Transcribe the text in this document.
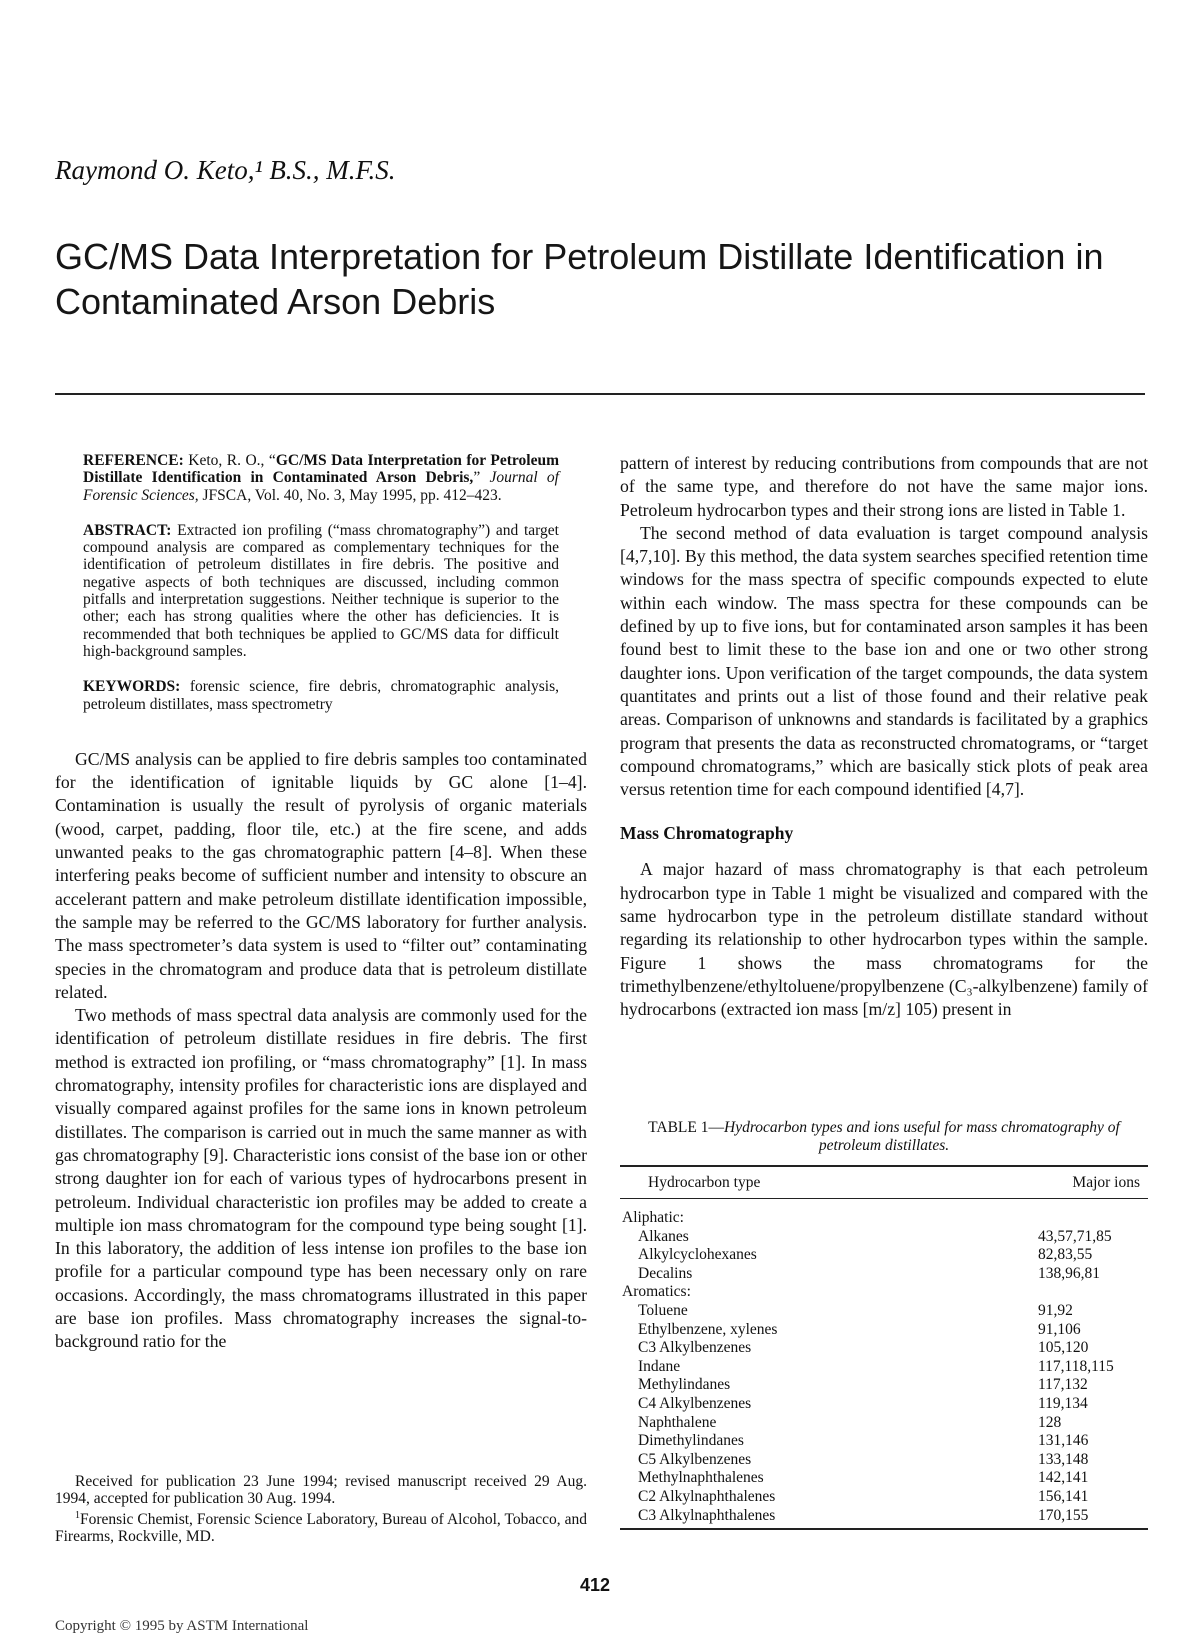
Raymond O. Keto,¹ B.S., M.F.S.
GC/MS Data Interpretation for Petroleum Distillate Identification in Contaminated Arson Debris

REFERENCE: Keto, R. O., “GC/MS Data Interpretation for Petroleum Distillate Identification in Contaminated Arson Debris,” Journal of Forensic Sciences, JFSCA, Vol. 40, No. 3, May 1995, pp. 412–423.

ABSTRACT: Extracted ion profiling (“mass chromatography”) and target compound analysis are compared as complementary techniques for the identification of petroleum distillates in fire debris. The positive and negative aspects of both techniques are discussed, including common pitfalls and interpretation suggestions. Neither technique is superior to the other; each has strong qualities where the other has deficiencies. It is recommended that both techniques be applied to GC/MS data for difficult high-background samples.

KEYWORDS: forensic science, fire debris, chromatographic analysis, petroleum distillates, mass spectrometry

GC/MS analysis can be applied to fire debris samples too contaminated for the identification of ignitable liquids by GC alone [1–4]. Contamination is usually the result of pyrolysis of organic materials (wood, carpet, padding, floor tile, etc.) at the fire scene, and adds unwanted peaks to the gas chromatographic pattern [4–8]. When these interfering peaks become of sufficient number and intensity to obscure an accelerant pattern and make petroleum distillate identification impossible, the sample may be referred to the GC/MS laboratory for further analysis. The mass spectrometer’s data system is used to “filter out” contaminating species in the chromatogram and produce data that is petroleum distillate related.

Two methods of mass spectral data analysis are commonly used for the identification of petroleum distillate residues in fire debris. The first method is extracted ion profiling, or “mass chromatography” [1]. In mass chromatography, intensity profiles for characteristic ions are displayed and visually compared against profiles for the same ions in known petroleum distillates. The comparison is carried out in much the same manner as with gas chromatography [9]. Characteristic ions consist of the base ion or other strong daughter ion for each of various types of hydrocarbons present in petroleum. Individual characteristic ion profiles may be added to create a multiple ion mass chromatogram for the compound type being sought [1]. In this laboratory, the addition of less intense ion profiles to the base ion profile for a particular compound type has been necessary only on rare occasions. Accordingly, the mass chromatograms illustrated in this paper are base ion profiles. Mass chromatography increases the signal-to-background ratio for the

Received for publication 23 June 1994; revised manuscript received 29 Aug. 1994, accepted for publication 30 Aug. 1994.

$^1$Forensic Chemist, Forensic Science Laboratory, Bureau of Alcohol, Tobacco, and Firearms, Rockville, MD.

pattern of interest by reducing contributions from compounds that are not of the same type, and therefore do not have the same major ions. Petroleum hydrocarbon types and their strong ions are listed in Table 1.

The second method of data evaluation is target compound analysis [4,7,10]. By this method, the data system searches specified retention time windows for the mass spectra of specific compounds expected to elute within each window. The mass spectra for these compounds can be defined by up to five ions, but for contaminated arson samples it has been found best to limit these to the base ion and one or two other strong daughter ions. Upon verification of the target compounds, the data system quantitates and prints out a list of those found and their relative peak areas. Comparison of unknowns and standards is facilitated by a graphics program that presents the data as reconstructed chromatograms, or “target compound chromatograms,” which are basically stick plots of peak area versus retention time for each compound identified [4,7].

Mass Chromatography

A major hazard of mass chromatography is that each petroleum hydrocarbon type in Table 1 might be visualized and compared with the same hydrocarbon type in the petroleum distillate standard without regarding its relationship to other hydrocarbon types within the sample. Figure 1 shows the mass chromatograms for the trimethylbenzene/ethyltoluene/propylbenzene (C₃-alkylbenzene) family of hydrocarbons (extracted ion mass [m/z] 105) present in

TABLE 1—Hydrocarbon types and ions useful for mass chromatography of petroleum distillates.

Hydrocarbon type	Major ions
Aliphatic:	
Alkanes	43,57,71,85
Alkylcyclohexanes	82,83,55
Decalins	138,96,81
Aromatics:	
Toluene	91,92
Ethylbenzene, xylenes	91,106
C3 Alkylbenzenes	105,120
Indane	117,118,115
Methylindanes	117,132
C4 Alkylbenzenes	119,134
Naphthalene	128
Dimethylindanes	131,146
C5 Alkylbenzenes	133,148
Methylnaphthalenes	142,141
C2 Alkylnaphthalenes	156,141
C3 Alkylnaphthalenes	170,155
412
Copyright © 1995 by ASTM International
